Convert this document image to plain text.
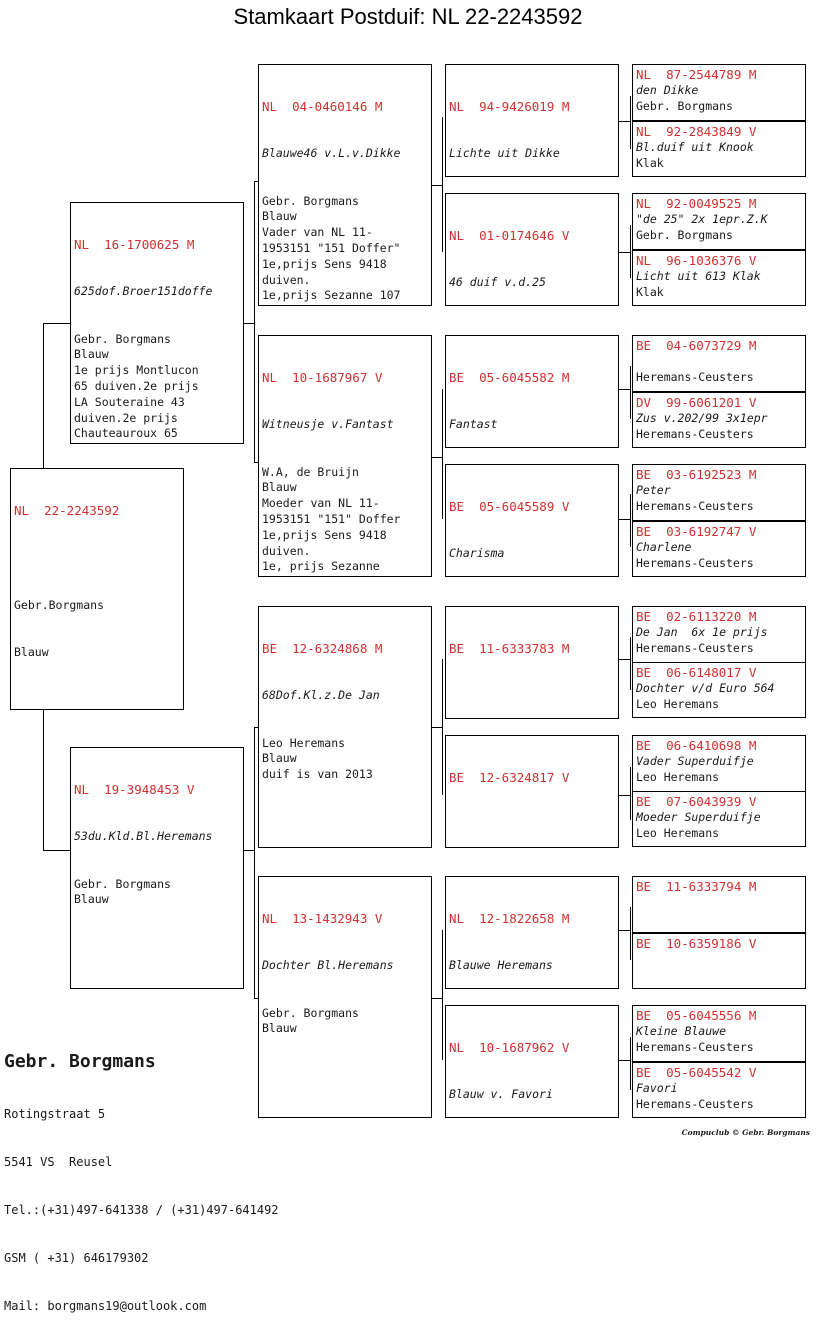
Stamkaart Postduif: NL 22-2243592

NL  22-2243592

Gebr.Borgmans

Blauw

NL  16-1700625 M

625dof.Broer151doffe

Gebr. Borgmans
Blauw
1e prijs Montlucon
65 duiven.2e prijs
LA Souteraine 43
duiven.2e prijs
Chauteauroux 65

NL  19-3948453 V

53du.Kld.Bl.Heremans

Gebr. Borgmans
Blauw

NL  04-0460146 M

Blauwe46 v.L.v.Dikke

Gebr. Borgmans
Blauw
Vader van NL 11-
1953151 "151 Doffer"
1e,prijs Sens 9418
duiven.
1e,prijs Sezanne 107

NL  10-1687967 V

Witneusje v.Fantast

W.A, de Bruijn
Blauw
Moeder van NL 11-
1953151 "151" Doffer
1e,prijs Sens 9418
duiven.
1e, prijs Sezanne

BE  12-6324868 M

68Dof.Kl.z.De Jan

Leo Heremans
Blauw
duif is van 2013

NL  13-1432943 V

Dochter Bl.Heremans

Gebr. Borgmans
Blauw

NL  94-9426019 M

Lichte uit Dikke

NL  01-0174646 V

46 duif v.d.25

BE  05-6045582 M

Fantast

BE  05-6045589 V

Charisma

BE  11-6333783 M

BE  12-6324817 V

NL  12-1822658 M

Blauwe Heremans

NL  10-1687962 V

Blauw v. Favori

NL  87-2544789 M
den Dikke
Gebr. Borgmans
NL  92-2843849 V
Bl.duif uit Knook
Klak
NL  92-0049525 M
"de 25" 2x 1epr.Z.K
Gebr. Borgmans
NL  96-1036376 V
Licht uit 613 Klak
Klak
BE  04-6073729 M

Heremans-Ceusters
DV  99-6061201 V
Zus v.202/99 3x1epr
Heremans-Ceusters
BE  03-6192523 M
Peter
Heremans-Ceusters
BE  03-6192747 V
Charlene
Heremans-Ceusters
BE  02-6113220 M
De Jan  6x 1e prijs
Heremans-Ceusters
BE  06-6148017 V
Dochter v/d Euro 564
Leo Heremans
BE  06-6410698 M
Vader Superduifje
Leo Heremans
BE  07-6043939 V
Moeder Superduifje
Leo Heremans
BE  11-6333794 M

BE  10-6359186 V

BE  05-6045556 M
Kleine Blauwe
Heremans-Ceusters
BE  05-6045542 V
Favori
Heremans-Ceusters

Gebr. Borgmans

Rotingstraat 5

5541 VS  Reusel

Tel.:(+31)497-641338 / (+31)497-641492

GSM ( +31) 646179302

Mail: borgmans19@outlook.com

Compuclub © Gebr. Borgmans
